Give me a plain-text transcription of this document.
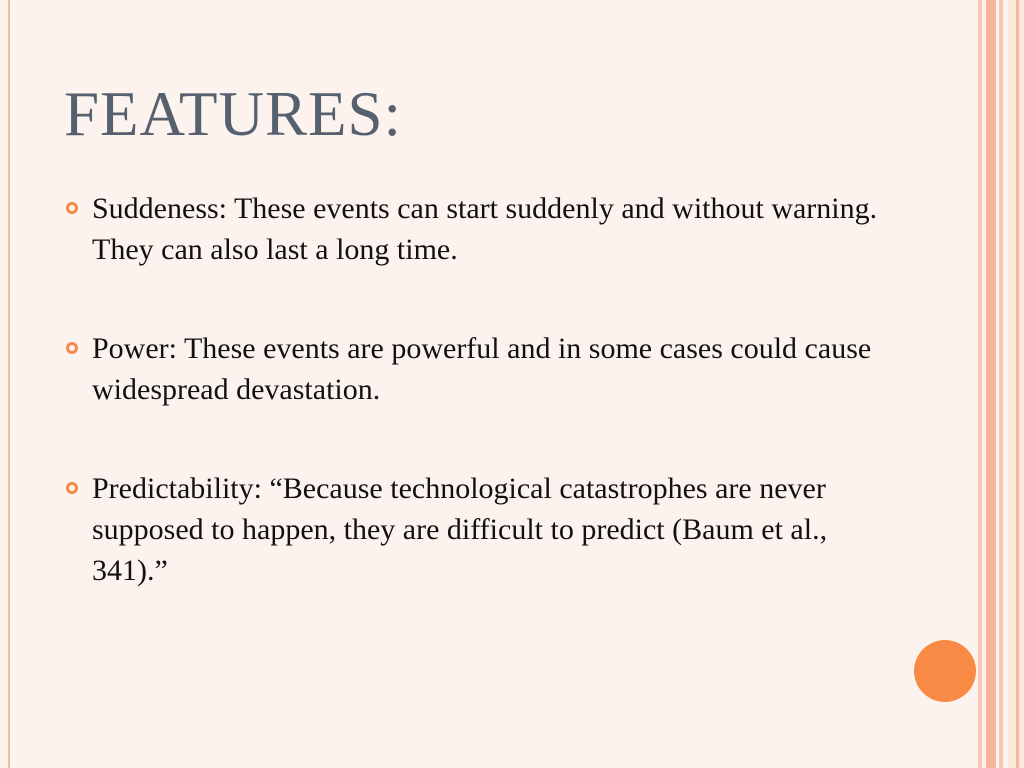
FEATURES:
Suddeness: These events can start suddenly and without warning. They can also last a long time.
Power: These events are powerful and in some cases could cause widespread devastation.
Predictability: “Because technological catastrophes are never supposed to happen, they are difficult to predict (Baum et al., 341).”
